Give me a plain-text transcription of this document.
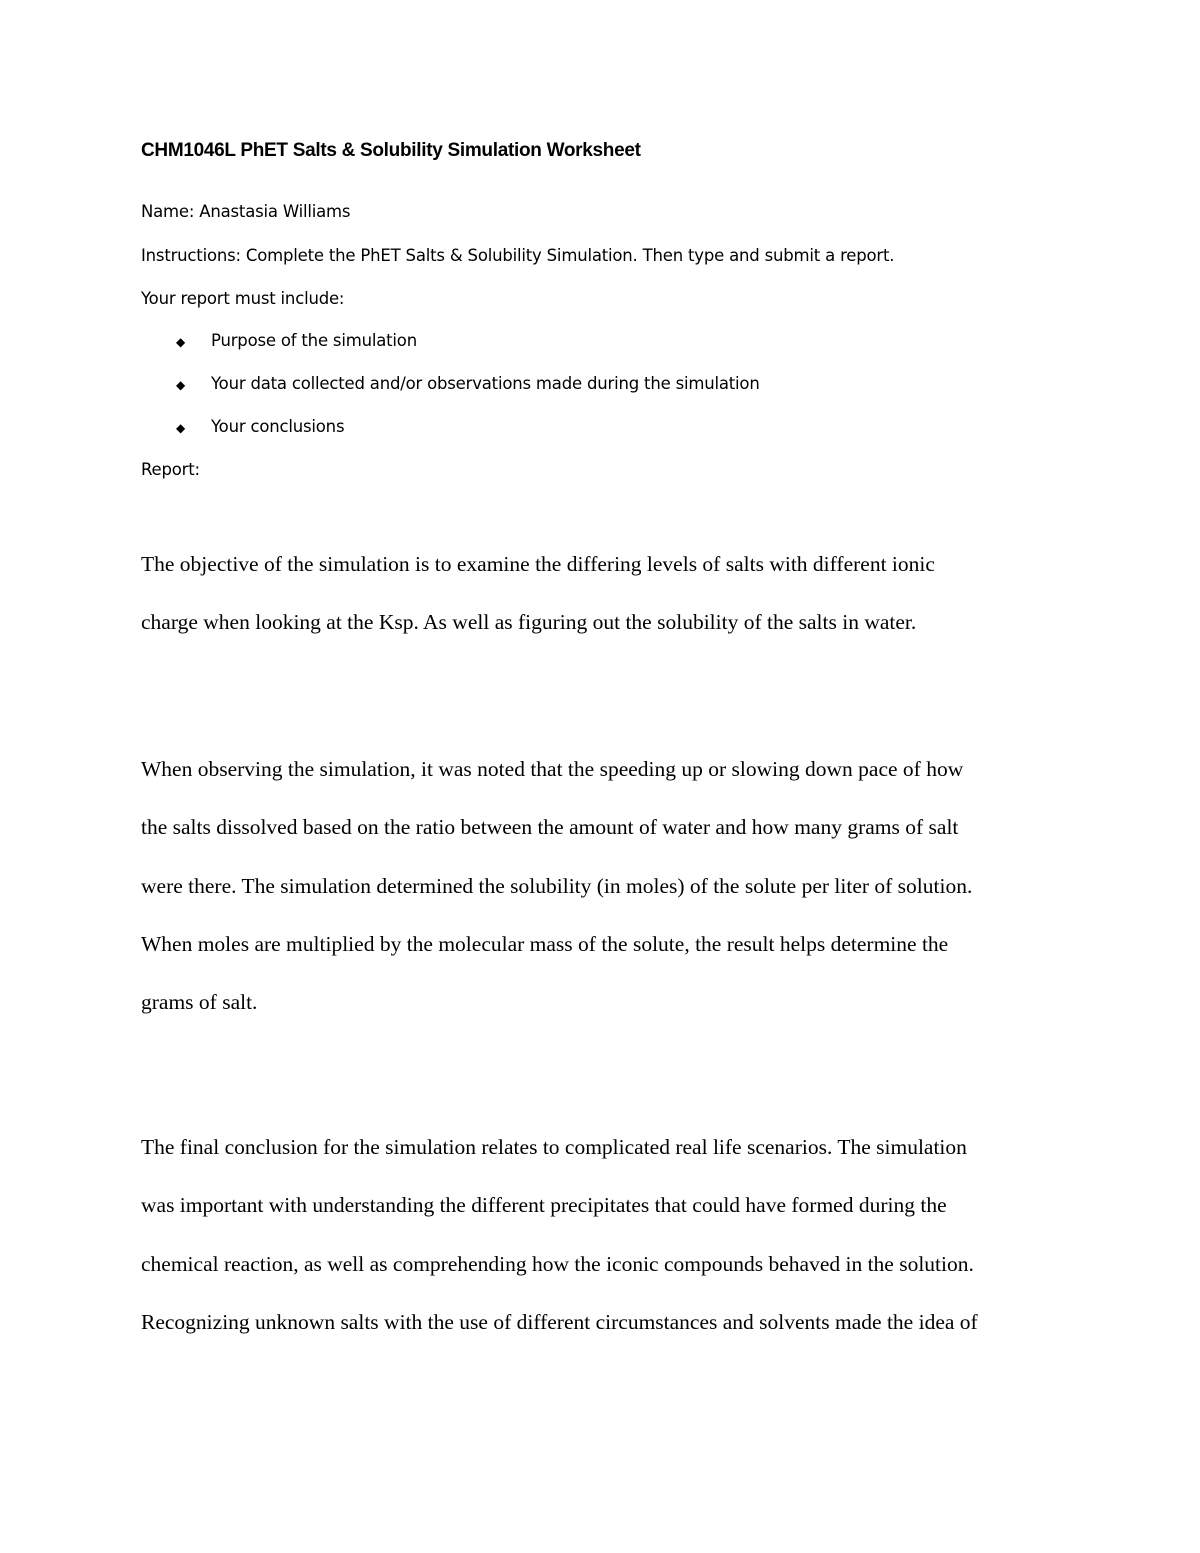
CHM1046L PhET Salts & Solubility Simulation Worksheet
Name: Anastasia Williams
Instructions: Complete the PhET Salts & Solubility Simulation. Then type and submit a report.
Your report must include:
◆ Purpose of the simulation
◆ Your data collected and/or observations made during the simulation
◆ Your conclusions
Report:
The objective of the simulation is to examine the differing levels of salts with different ionic
charge when looking at the Ksp. As well as figuring out the solubility of the salts in water.
When observing the simulation, it was noted that the speeding up or slowing down pace of how
the salts dissolved based on the ratio between the amount of water and how many grams of salt
were there. The simulation determined the solubility (in moles) of the solute per liter of solution.
When moles are multiplied by the molecular mass of the solute, the result helps determine the
grams of salt.
The final conclusion for the simulation relates to complicated real life scenarios. The simulation
was important with understanding the different precipitates that could have formed during the
chemical reaction, as well as comprehending how the iconic compounds behaved in the solution.
Recognizing unknown salts with the use of different circumstances and solvents made the idea of
